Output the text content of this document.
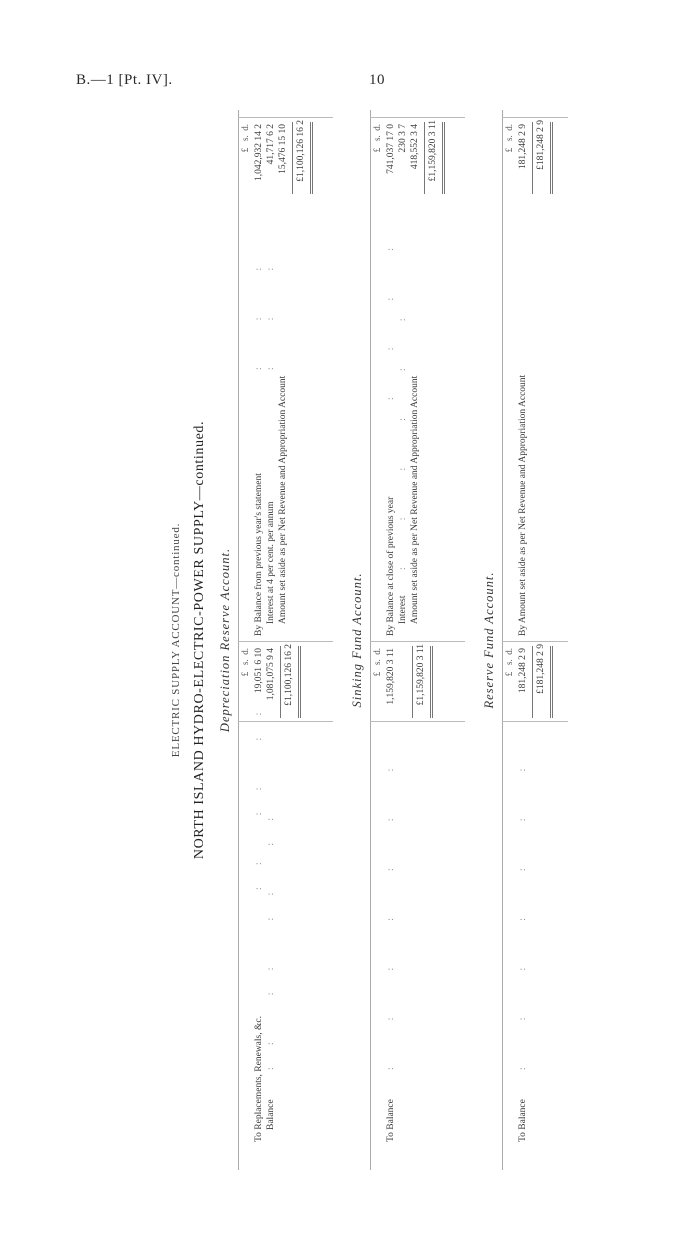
B.—1 [Pt. IV].	10
ELECTRIC SUPPLY ACCOUNT—continued. NORTH ISLAND HYDRO-ELECTRIC-POWER SUPPLY—continued. Depreciation Reserve Account. £   s.  d.
£   s.  d.
To Replacements, Renewals, &c.
: :   : :   : :
19,051 6 10
Balance
: :   : :   : :   : :
1,081,075 9 4 £1,100,126 16 2
By Balance from previous year's statement
:   :   :
1,042,932 14 2
Interest at 4 per cent. per annum
:   :   :
41,717 6 2
Amount set aside as per Net Revenue and Appropriation Account
15,476 15 10 £1,100,126 16 2
Sinking Fund Account. £   s.  d.
£   s.  d.
To Balance
:   :   :   :   :   :   :
1,159,820 3 11 £1,159,820 3 11
By Balance at close of previous year
:   :   :   :
741,037 17 0
Interest
:   :   :   :   :   :
230 3 7
Amount set aside as per Net Revenue and Appropriation Account
418,552 3 4 £1,159,820 3 11
Reserve Fund Account. £   s.  d.
£   s.  d.
To Balance
:   :   :   :   :   :   :
181,248 2 9 £181,248 2 9
By Amount set aside as per Net Revenue and Appropriation Account
181,248 2 9 £181,248 2 9
